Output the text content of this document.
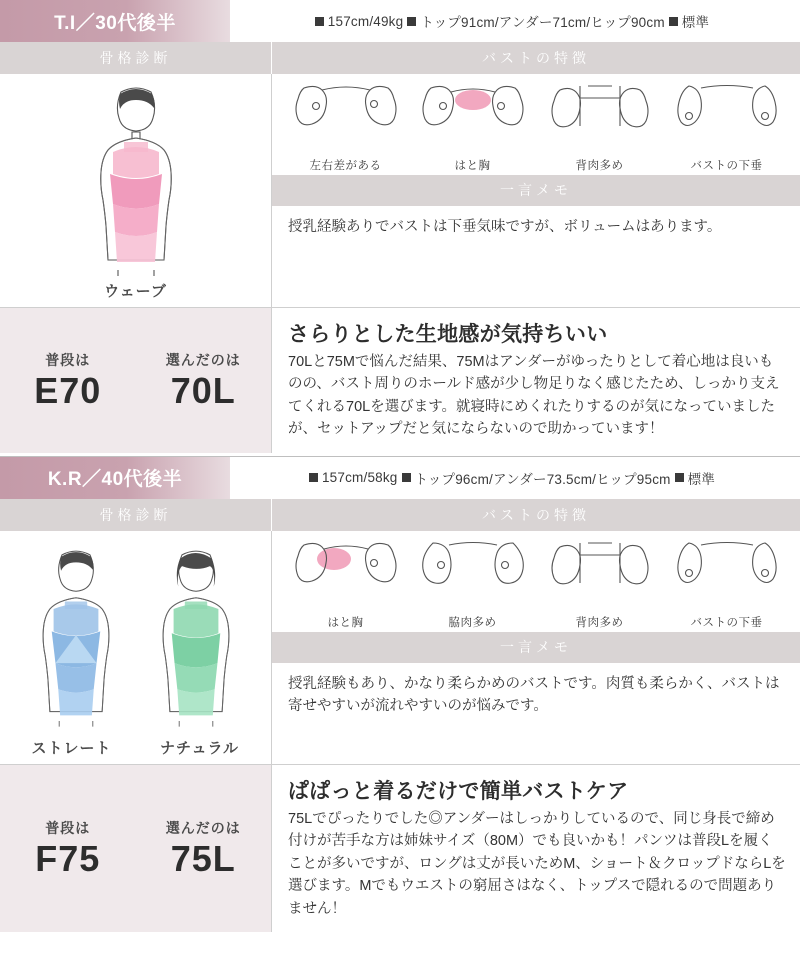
T.I／30代後半	157cm/49kg トップ91cm/アンダー71cm/ヒップ90cm 標準
骨格診断	バストの特徴
ウェーブ
左右差がある	はと胸	背肉多め	バストの下垂
一言メモ
授乳経験ありでバストは下垂気味ですが、ボリュームはあります。
普段は
E70
選んだのは
70L
さらりとした生地感が気持ちいい

70Lと75Mで悩んだ結果、75Mはアンダーがゆったりとして着心地は良いものの、バスト周りのホールド感が少し物足りなく感じたため、しっかり支えてくれる70Lを選びます。就寝時にめくれたりするのが気になっていましたが、セットアップだと気にならないので助かっています！

K.R／40代後半	157cm/58kg トップ96cm/アンダー73.5cm/ヒップ95cm 標準
骨格診断	バストの特徴
ストレート	ナチュラル
はと胸	脇肉多め	背肉多め	バストの下垂
一言メモ
授乳経験もあり、かなり柔らかめのバストです。肉質も柔らかく、バストは寄せやすいが流れやすいのが悩みです。
普段は
F75
選んだのは
75L
ぱぱっと着るだけで簡単バストケア

75Lでぴったりでした◎アンダーはしっかりしているので、同じ身長で締め付けが苦手な方は姉妹サイズ（80M）でも良いかも！パンツは普段Lを履くことが多いですが、ロングは丈が長いためM、ショート＆クロップドならLを選びます。Mでもウエストの窮屈さはなく、トップスで隠れるので問題ありません！
